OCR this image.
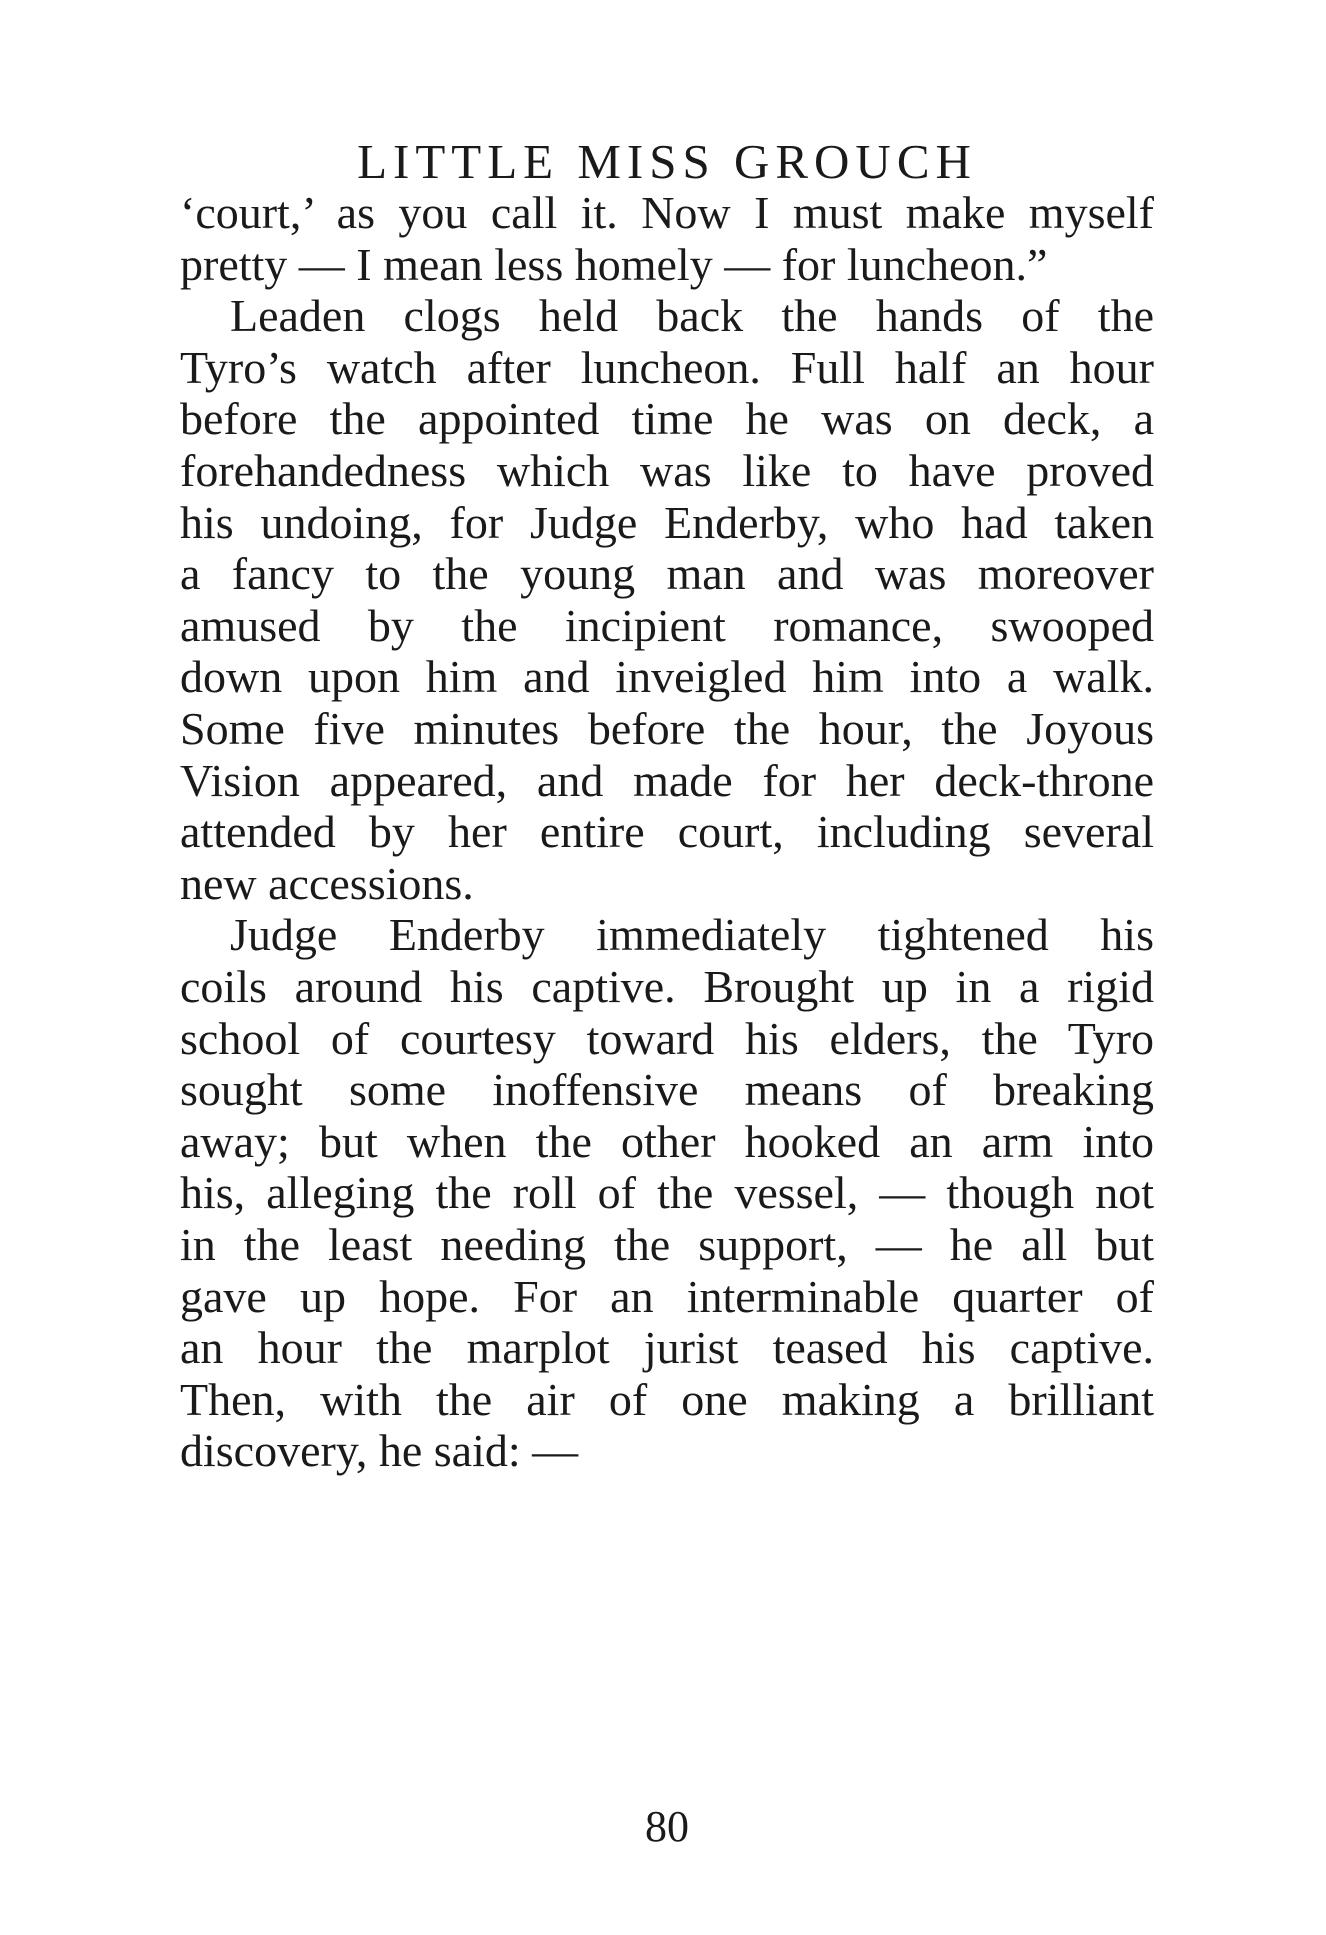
LITTLE MISS GROUCH
‘court,’ as you call it. Now I must make myself
pretty — I mean less homely — for luncheon.”
Leaden clogs held back the hands of the
Tyro’s watch after luncheon. Full half an hour
before the appointed time he was on deck, a
forehandedness which was like to have proved
his undoing, for Judge Enderby, who had taken
a fancy to the young man and was moreover
amused by the incipient romance, swooped
down upon him and inveigled him into a walk.
Some five minutes before the hour, the Joyous
Vision appeared, and made for her deck-throne
attended by her entire court, including several
new accessions.
Judge Enderby immediately tightened his
coils around his captive. Brought up in a rigid
school of courtesy toward his elders, the Tyro
sought some inoffensive means of breaking
away; but when the other hooked an arm into
his, alleging the roll of the vessel, — though not
in the least needing the support, — he all but
gave up hope. For an interminable quarter of
an hour the marplot jurist teased his captive.
Then, with the air of one making a brilliant
discovery, he said: —
80
